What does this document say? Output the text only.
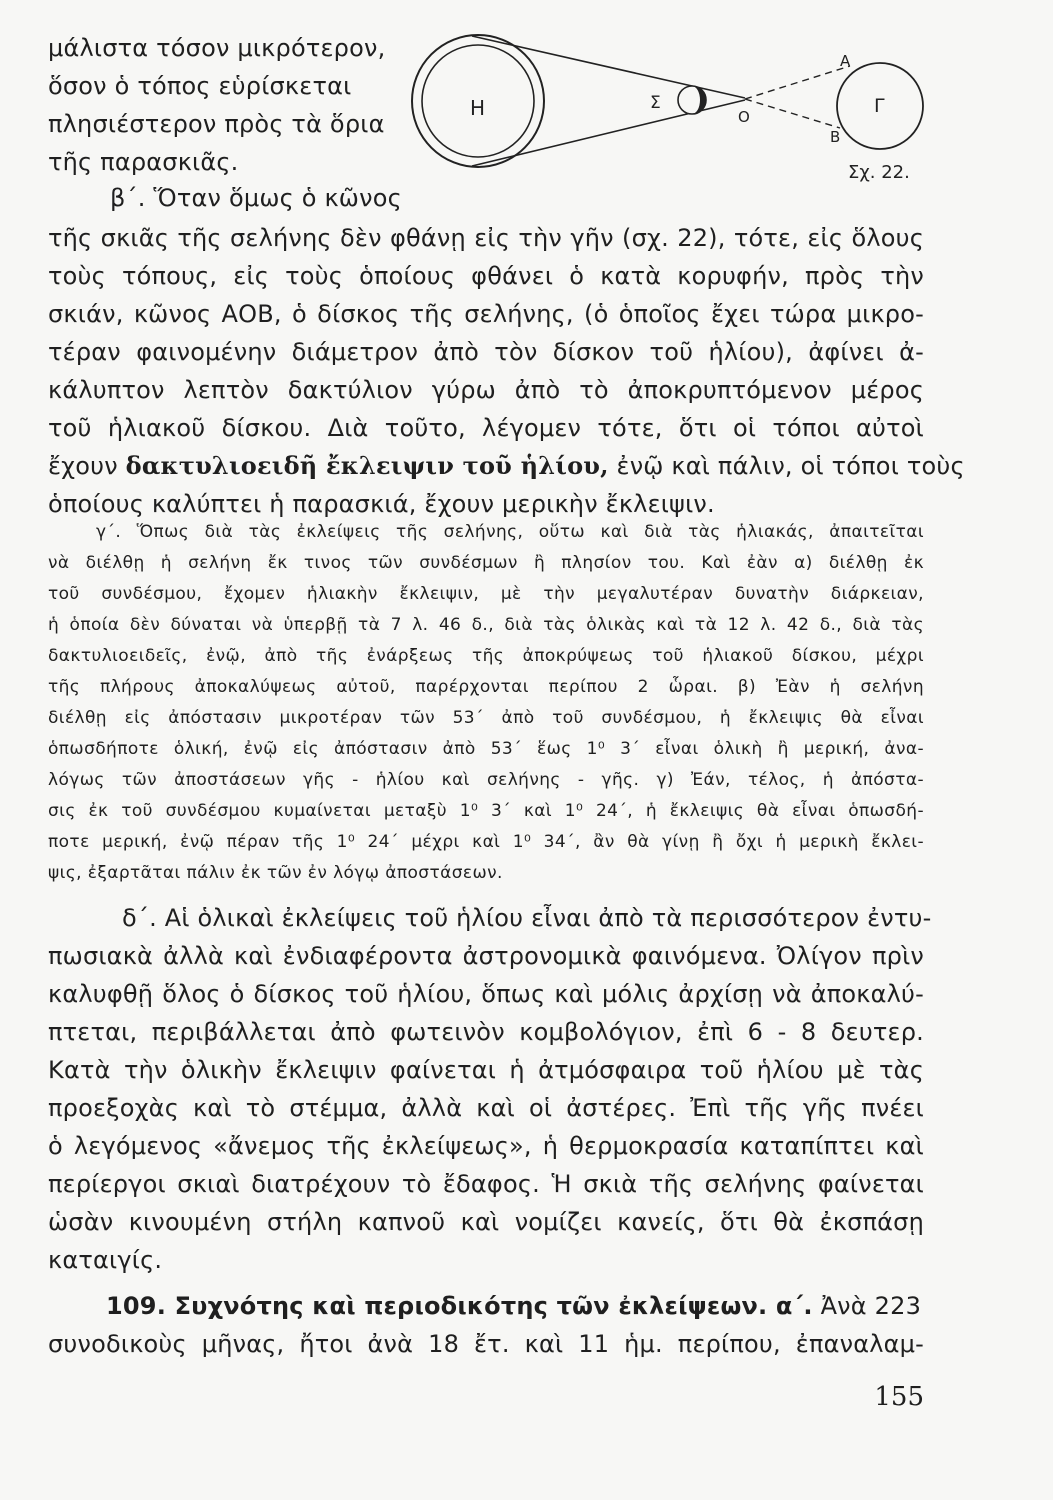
H	Σ
O
A
B
Γ
Σχ. 22.

μάλιστα τόσον μικρότερον,

ὅσον ὁ τόπος εὑρίσκεται

πλησιέστερον πρὸς τὰ ὅρια

τῆς παρασκιᾶς.

β΄. Ὅταν ὅμως ὁ κῶνος

τῆς σκιᾶς τῆς σελήνης δὲν φθάνῃ εἰς τὴν γῆν (σχ. 22), τότε, εἰς ὅλους

τοὺς τόπους, εἰς τοὺς ὁποίους φθάνει ὁ κατὰ κορυφήν, πρὸς τὴν

σκιάν, κῶνος ΑΟΒ, ὁ δίσκος τῆς σελήνης, (ὁ ὁποῖος ἔχει τώρα μικρο-

τέραν φαινομένην διάμετρον ἀπὸ τὸν δίσκον τοῦ ἡλίου), ἀφίνει ἀ-

κάλυπτον λεπτὸν δακτύλιον γύρω ἀπὸ τὸ ἀποκρυπτόμενον μέρος

τοῦ ἡλιακοῦ δίσκου. Διὰ τοῦτο, λέγομεν τότε, ὅτι οἱ τόποι αὐτοὶ

ἔχουν δακτυλιοειδῆ ἔκλειψιν τοῦ ἡλίου, ἐνῷ καὶ πάλιν, οἱ τόποι τοὺς

ὁποίους καλύπτει ἡ παρασκιά, ἔχουν μερικὴν ἔκλειψιν.

γ΄. Ὅπως διὰ τὰς ἐκλείψεις τῆς σελήνης, οὕτω καὶ διὰ τὰς ἡλιακάς, ἀπαιτεῖται

νὰ διέλθῃ ἡ σελήνη ἔκ τινος τῶν συνδέσμων ἢ πλησίον του. Καὶ ἐὰν α) διέλθῃ ἐκ

τοῦ συνδέσμου, ἔχομεν ἡλιακὴν ἔκλειψιν, μὲ τὴν μεγαλυτέραν δυνατὴν διάρκειαν,

ἡ ὁποία δὲν δύναται νὰ ὑπερβῇ τὰ 7 λ. 46 δ., διὰ τὰς ὁλικὰς καὶ τὰ 12 λ. 42 δ., διὰ τὰς

δακτυλιοειδεῖς, ἐνῷ, ἀπὸ τῆς ἐνάρξεως τῆς ἀποκρύψεως τοῦ ἡλιακοῦ δίσκου, μέχρι

τῆς πλήρους ἀποκαλύψεως αὐτοῦ, παρέρχονται περίπου 2 ὧραι. β) Ἐὰν ἡ σελήνη

διέλθῃ εἰς ἀπόστασιν μικροτέραν τῶν 53΄ ἀπὸ τοῦ συνδέσμου, ἡ ἔκλειψις θὰ εἶναι

ὁπωσδήποτε ὁλική, ἐνῷ εἰς ἀπόστασιν ἀπὸ 53΄ ἕως 1⁰ 3΄ εἶναι ὁλικὴ ἢ μερική, ἀνα-

λόγως τῶν ἀποστάσεων γῆς - ἡλίου καὶ σελήνης - γῆς. γ) Ἐάν, τέλος, ἡ ἀπόστα-

σις ἐκ τοῦ συνδέσμου κυμαίνεται μεταξὺ 1⁰ 3΄ καὶ 1⁰ 24΄, ἡ ἔκλειψις θὰ εἶναι ὁπωσδή-

ποτε μερική, ἐνῷ πέραν τῆς 1⁰ 24΄ μέχρι καὶ 1⁰ 34΄, ἂν θὰ γίνῃ ἢ ὄχι ἡ μερικὴ ἔκλει-

ψις, ἐξαρτᾶται πάλιν ἐκ τῶν ἐν λόγῳ ἀποστάσεων.

δ΄. Αἱ ὁλικαὶ ἐκλείψεις τοῦ ἡλίου εἶναι ἀπὸ τὰ περισσότερον ἐντυ-

πωσιακὰ ἀλλὰ καὶ ἐνδιαφέροντα ἀστρονομικὰ φαινόμενα. Ὀλίγον πρὶν

καλυφθῇ ὅλος ὁ δίσκος τοῦ ἡλίου, ὅπως καὶ μόλις ἀρχίσῃ νὰ ἀποκαλύ-

πτεται, περιβάλλεται ἀπὸ φωτεινὸν κομβολόγιον, ἐπὶ 6 - 8 δευτερ.

Κατὰ τὴν ὁλικὴν ἔκλειψιν φαίνεται ἡ ἀτμόσφαιρα τοῦ ἡλίου μὲ τὰς

προεξοχὰς καὶ τὸ στέμμα, ἀλλὰ καὶ οἱ ἀστέρες. Ἐπὶ τῆς γῆς πνέει

ὁ λεγόμενος «ἄνεμος τῆς ἐκλείψεως», ἡ θερμοκρασία καταπίπτει καὶ

περίεργοι σκιαὶ διατρέχουν τὸ ἔδαφος. Ἡ σκιὰ τῆς σελήνης φαίνεται

ὡσὰν κινουμένη στήλη καπνοῦ καὶ νομίζει κανείς, ὅτι θὰ ἐκσπάσῃ

καταιγίς.

109. Συχνότης καὶ περιοδικότης τῶν ἐκλείψεων. α΄. Ἀνὰ 223

συνοδικοὺς μῆνας, ἤτοι ἀνὰ 18 ἔτ. καὶ 11 ἡμ. περίπου, ἐπαναλαμ-

155
